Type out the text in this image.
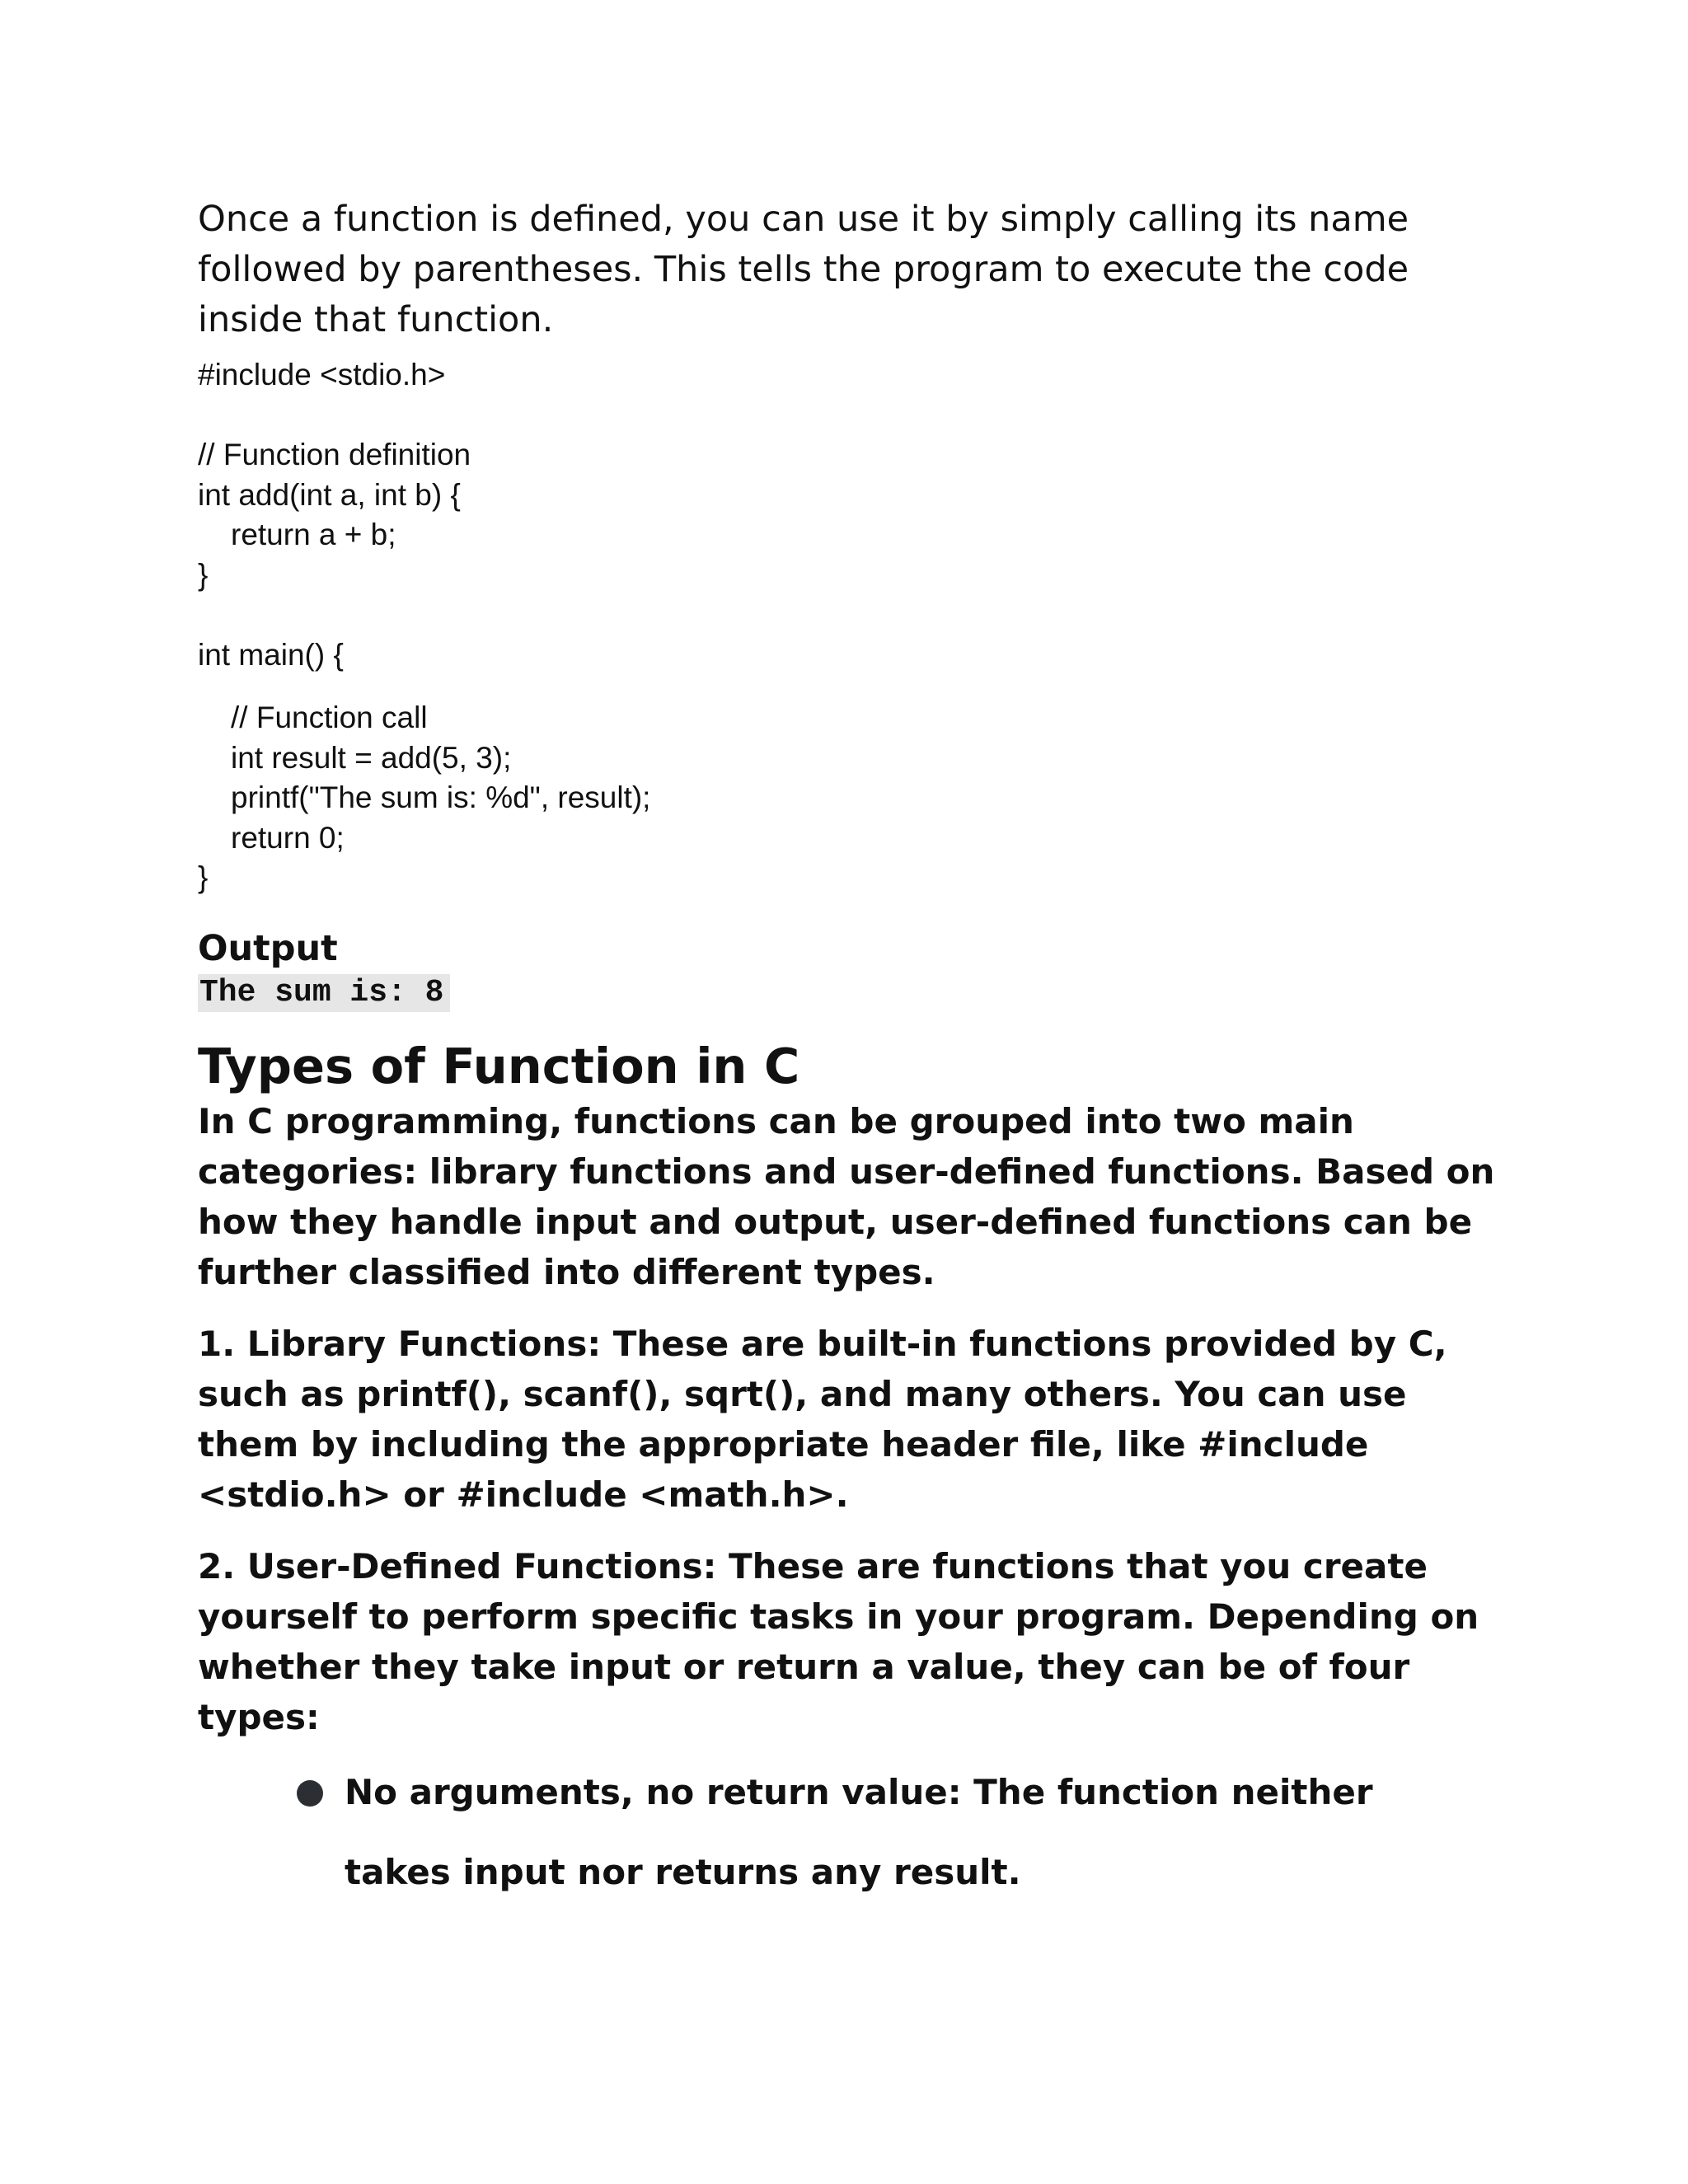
Once a function is defined, you can use it by simply calling its name followed by parentheses. This tells the program to execute the code inside that function.

#include <stdio.h>
// Function definition
int add(int a, int b) {
return a + b;
}
int main() {
// Function call
int result = add(5, 3);
printf("The sum is: %d", result);
return 0;
}
Output
The sum is: 8
Types of Function in C

In C programming, functions can be grouped into two main categories: library functions and user-defined functions. Based on how they handle input and output, user-defined functions can be further classified into different types.

1. Library Functions: These are built-in functions provided by C, such as printf(), scanf(), sqrt(), and many others. You can use them by including the appropriate header file, like #include <stdio.h> or #include <math.h>.

2. User-Defined Functions: These are functions that you create yourself to perform specific tasks in your program. Depending on whether they take input or return a value, they can be of four types:

No arguments, no return value: The function neither takes input nor returns any result.
